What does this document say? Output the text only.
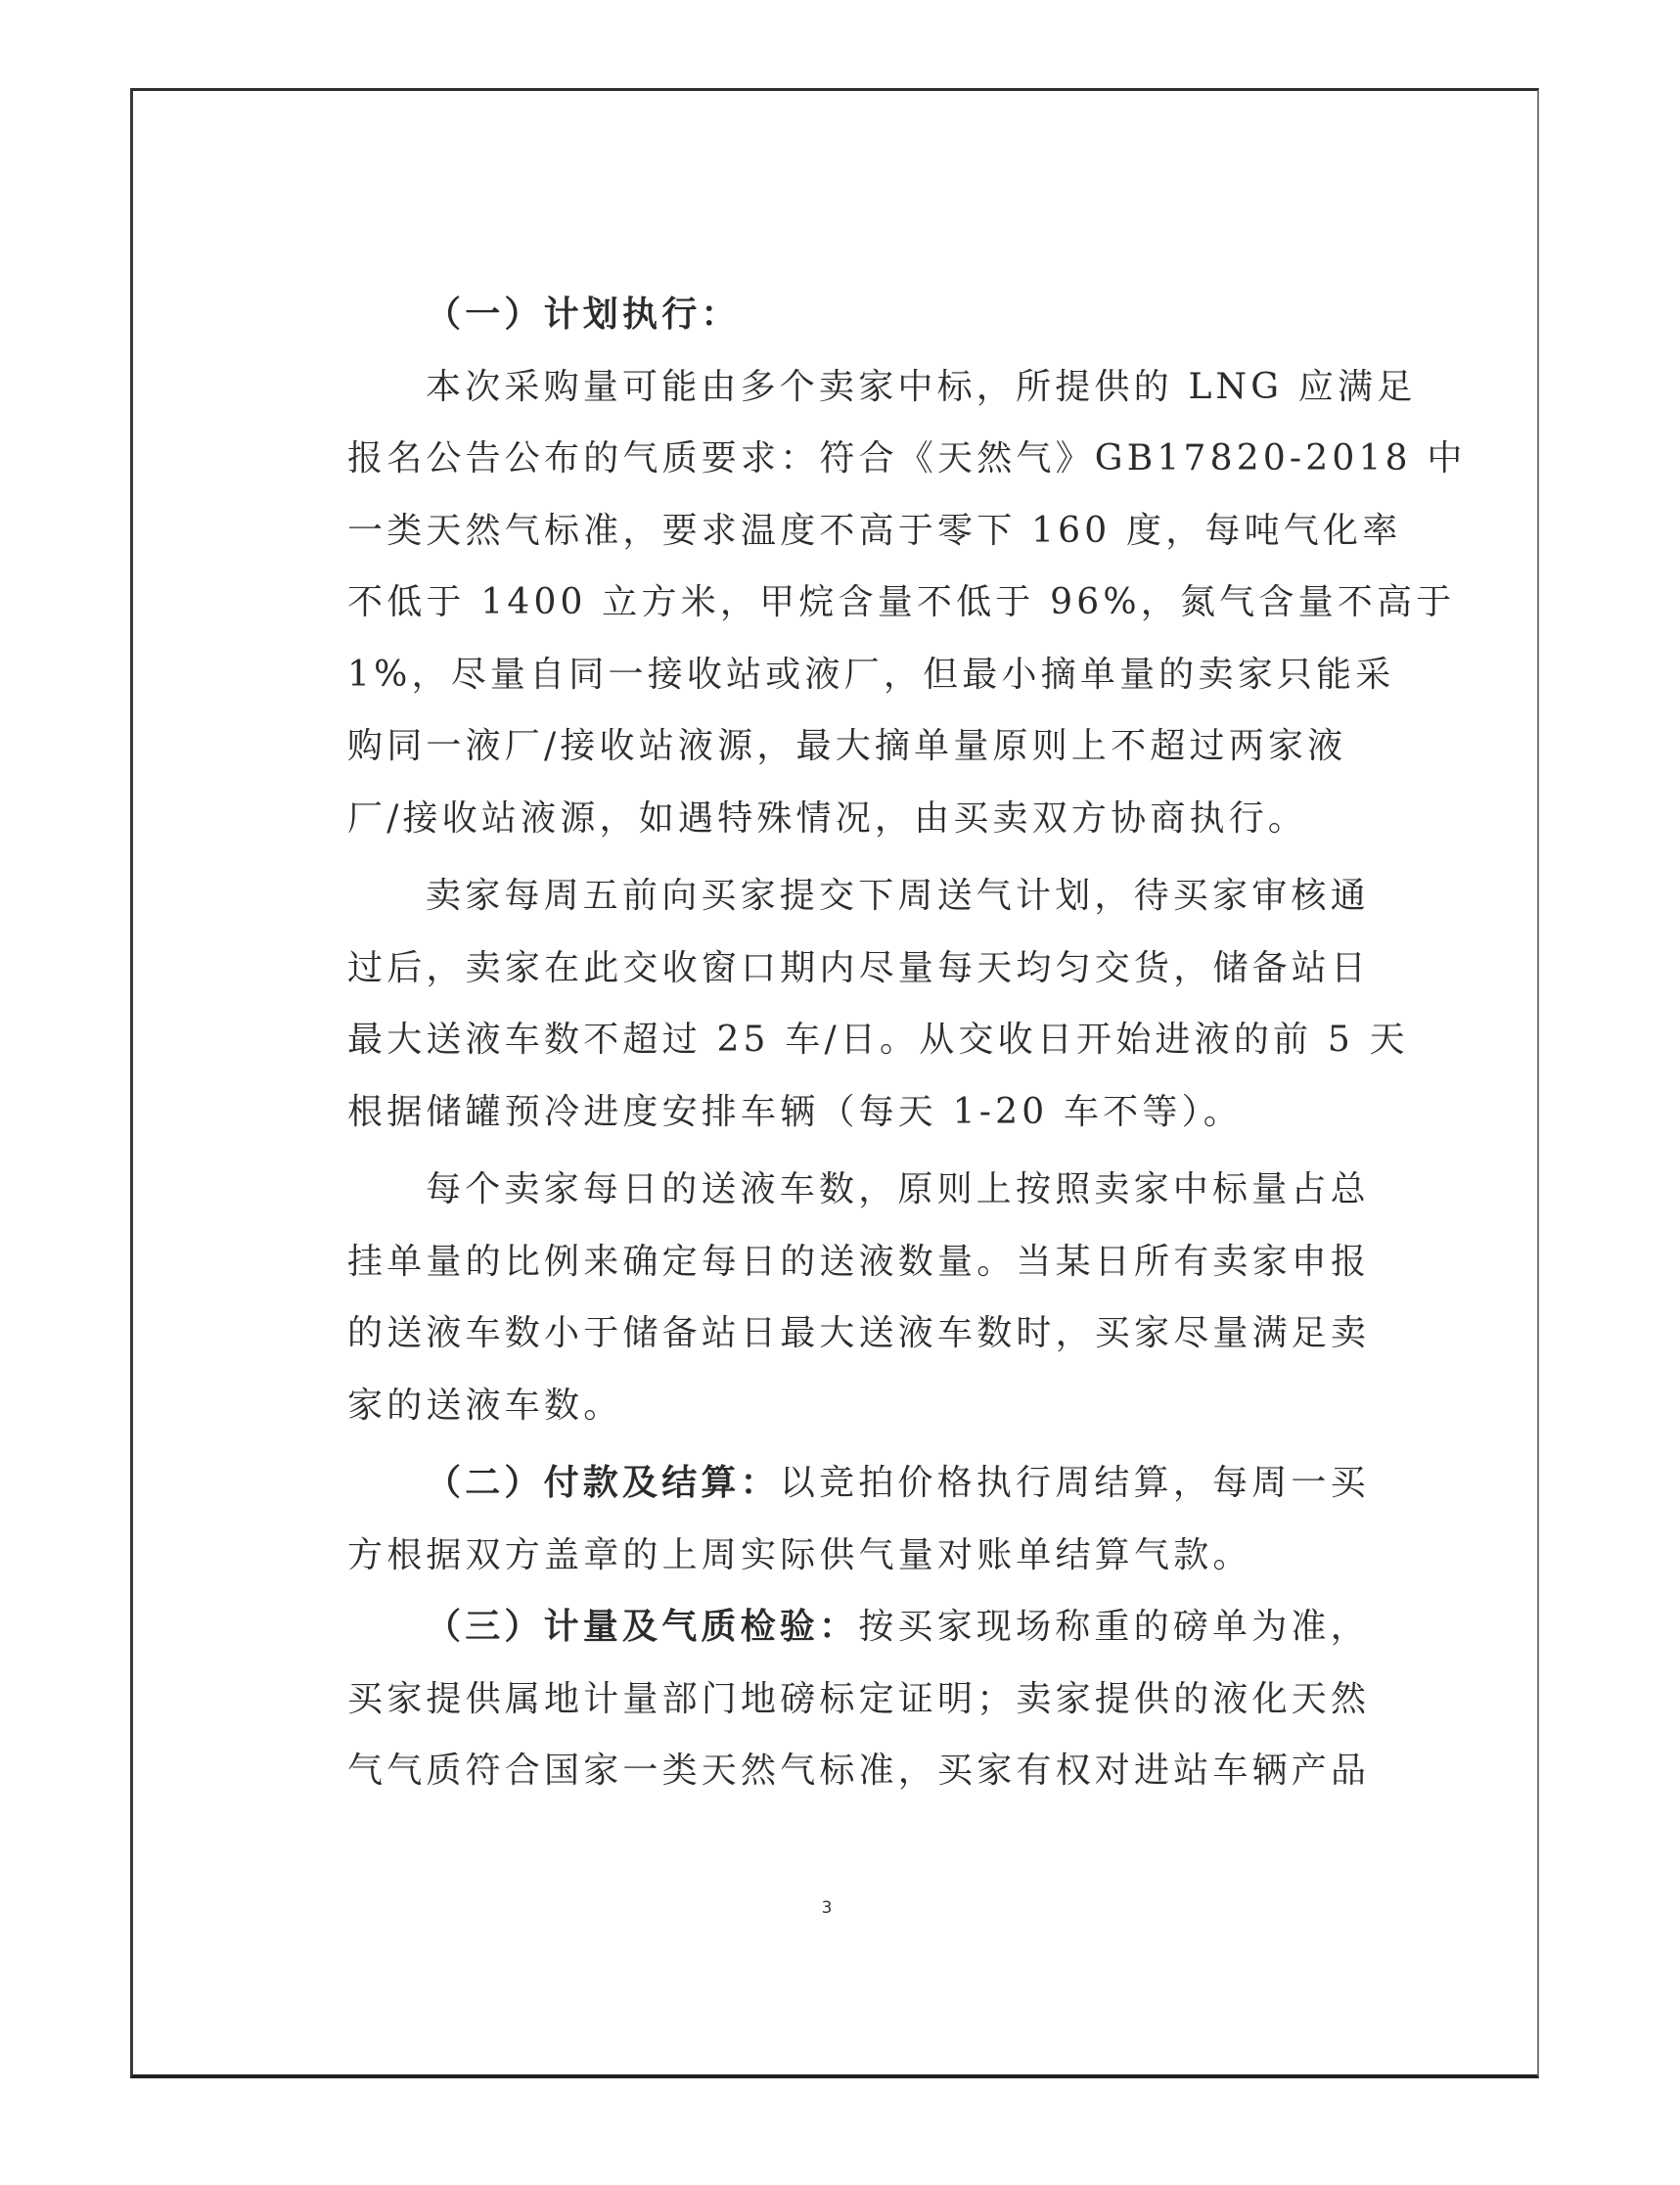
（一）计划执行：
本次采购量可能由多个卖家中标，所提供的 LNG 应满足
报名公告公布的气质要求：符合《天然气》GB17820-2018 中
一类天然气标准，要求温度不高于零下 160 度，每吨气化率
不低于 1400 立方米，甲烷含量不低于 96%，氮气含量不高于
1%，尽量自同一接收站或液厂，但最小摘单量的卖家只能采
购同一液厂/接收站液源，最大摘单量原则上不超过两家液
厂/接收站液源，如遇特殊情况，由买卖双方协商执行。
卖家每周五前向买家提交下周送气计划，待买家审核通
过后，卖家在此交收窗口期内尽量每天均匀交货，储备站日
最大送液车数不超过 25 车/日。从交收日开始进液的前 5 天
根据储罐预冷进度安排车辆（每天 1-20 车不等）。
每个卖家每日的送液车数，原则上按照卖家中标量占总
挂单量的比例来确定每日的送液数量。当某日所有卖家申报
的送液车数小于储备站日最大送液车数时，买家尽量满足卖
家的送液车数。
（二）付款及结算：以竞拍价格执行周结算，每周一买
方根据双方盖章的上周实际供气量对账单结算气款。
（三）计量及气质检验：按买家现场称重的磅单为准，
买家提供属地计量部门地磅标定证明；卖家提供的液化天然
气气质符合国家一类天然气标准，买家有权对进站车辆产品
3
